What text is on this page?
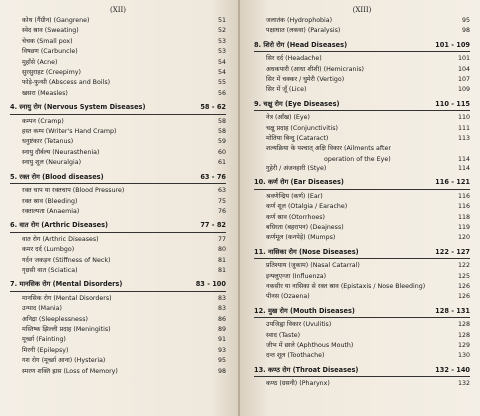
(XII)
कोथ (गैंग्रीन) (Gangrene)	51
स्वेद स्राव (Sweating)	52
चेचक (Small pox)	53
विषव्रण (Carbuncle)	53
मुहाँसे (Acne)	54
सुरसुराहट (Creepimy)	54
फोड़े-फुन्सी (Abscess and Boils)	55
खसरा (Measles)	56
4. स्नायु रोग (Nervous System Diseases)	58 - 62
कम्पन (Cramp)	58
हस्त कम्प (Writer's Hand Cramp)	58
धनुष्टंकार (Tetanus)	59
स्नायु दौर्बल्य (Neurasthenia)	60
स्नायु शूल (Neuralgia)	61
5. रक्त रोग (Blood diseases)	63 - 76
रक्त चाप या रक्तचाप (Blood Pressure)	63
रक्त स्राव (Bleeding)	75
रक्ताल्पता (Anaemia)	76
6. वात रोग (Arthric Diseases)	77 - 82
वात रोग (Arthric Diseases)	77
कमर दर्द (Lumbgo)	80
गर्दन जकड़न (Stiffness of Neck)	81
गृध्रसी वात (Sciatica)	81
7. मानसिक रोग (Mental Disorders)	83 - 100
मानसिक रोग (Mental Disorders)	83
उन्माद (Mania)	83
अनिद्रा (Sleeplessness)	86
मस्तिष्क झिल्ली प्रदाह (Meningitis)	89
मूर्च्छा (Fainting)	91
मिरगी (Epilepsy)	93
गश रोग (मूर्च्छा आना) (Hysteria)	95
स्मरण शक्ति ह्रास (Loss of Memory)	98
(XIII)
जलातंक (Hydrophobia)	95
पक्षाघात (लकवा) (Paralysis)	98
8. शिरो रोग (Head Diseases)	101 - 109
सिर दर्द (Headache)	101
अधकपारी (आधा शीशी) (Hemicranis)	104
सिर में चक्कर / घुमेरी (Vertigo)	107
सिर में जूँ (Lice)	109
9. चक्षु रोग (Eye Diseases)	110 - 115
नेत्र (आँख) (Eye)	110
चक्षु प्रदाह (Conjunctivitis)	111
मोतिया बिन्दु (Cataract)	113
शल्यक्रिया के पश्चात् अक्षि विकार (Ailments after
operation of the Eye)	114
गुहेरी / अंजनहारी (Stye)	114
10. कर्ण रोग (Ear Diseases)	116 - 121
श्रवणेन्द्रिय (कर्ण) (Ear)	116
कर्ण शूल (Otalgia / Earache)	116
कर्ण स्राव (Otorrhoes)	118
बधिरता (बहरापन) (Deajness)	119
कर्णमूल (कनपेड़े) (Mumps)	120
11. नासिका रोग (Nose Diseases)	122 - 127
प्रतिश्याय (जुकाम) (Nasal Catarral)	122
इन्फ्लुएन्जा (Influenza)	125
नकसीर या नासिका से रक्त स्राव (Epistaxis / Nose Bleeding)	126
पीनस (Ozaena)	126
12. मुख रोग (Mouth Diseases)	128 - 131
उपजिह्वा विकार (Uvulitis)	128
स्वाद (Taste)	128
जीभ में छाले (Aphthous Mouth)	129
दन्त शूल (Toothache)	130
13. कण्ठ रोग (Throat Diseases)	132 - 140
कण्ठ (ग्रसनी) (Pharynx)	132
